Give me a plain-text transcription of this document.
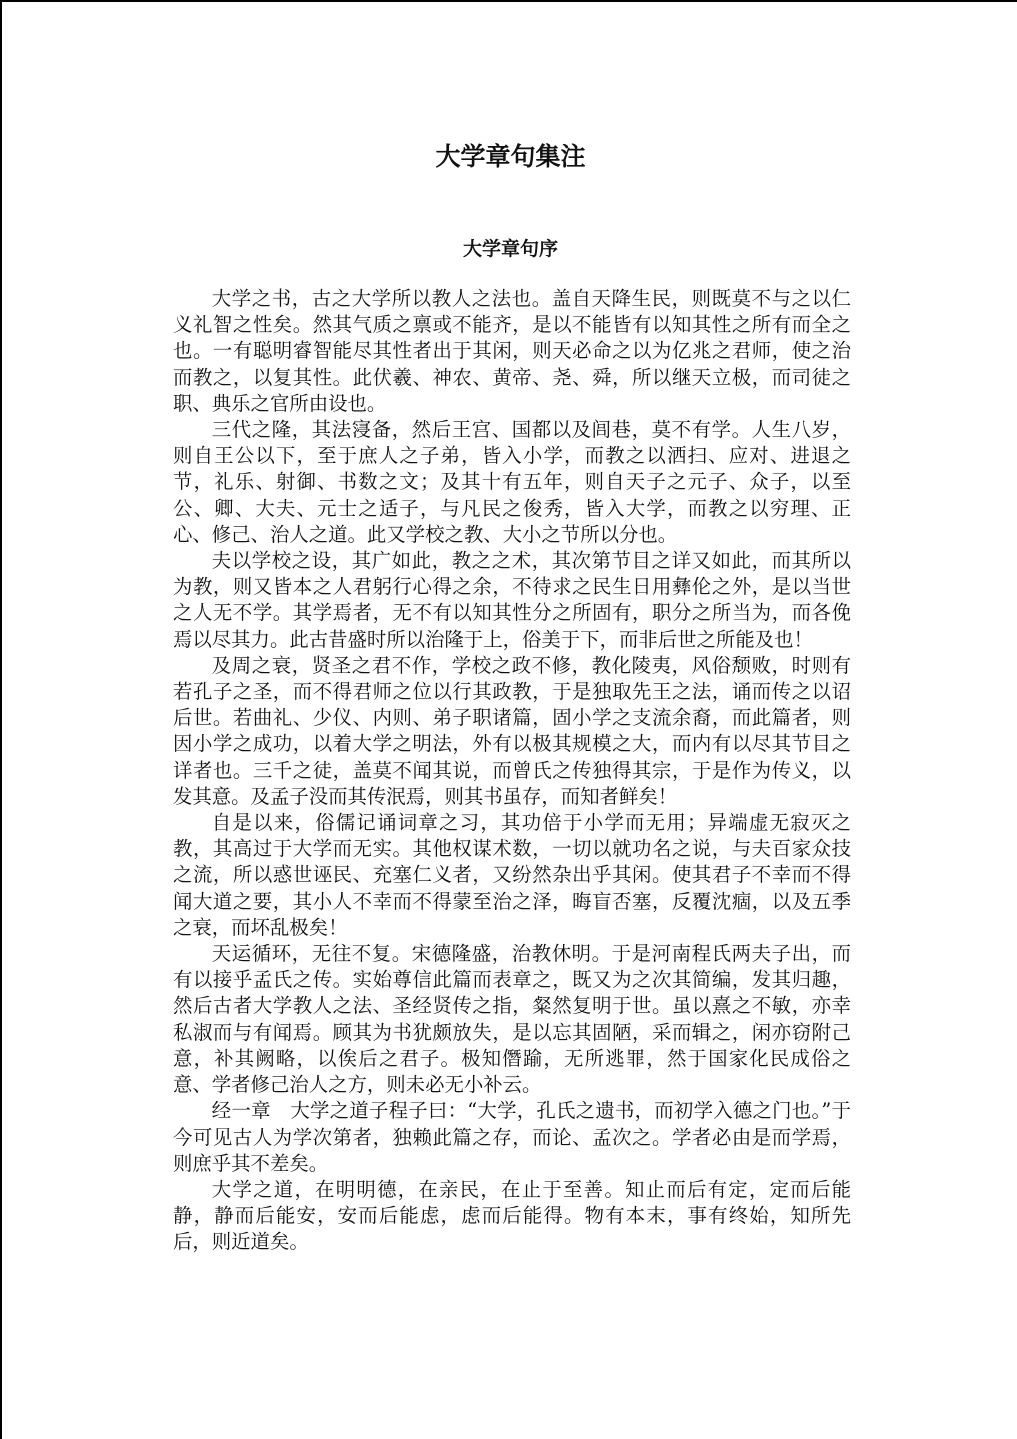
大学章句集注
大学章句序

大学之书，古之大学所以教人之法也。盖自天降生民，则既莫不与之以仁义礼智之性矣。然其气质之禀或不能齐，是以不能皆有以知其性之所有而全之也。一有聪明睿智能尽其性者出于其闲，则天必命之以为亿兆之君师，使之治而教之，以复其性。此伏羲、神农、黄帝、尧、舜，所以继天立极，而司徒之职、典乐之官所由设也。

三代之隆，其法寖备，然后王宫、国都以及闾巷，莫不有学。人生八岁，则自王公以下，至于庶人之子弟，皆入小学，而教之以洒扫、应对、进退之节，礼乐、射御、书数之文；及其十有五年，则自天子之元子、众子，以至公、卿、大夫、元士之适子，与凡民之俊秀，皆入大学，而教之以穷理、正心、修己、治人之道。此又学校之教、大小之节所以分也。

夫以学校之设，其广如此，教之之术，其次第节目之详又如此，而其所以为教，则又皆本之人君躬行心得之余，不待求之民生日用彝伦之外，是以当世之人无不学。其学焉者，无不有以知其性分之所固有，职分之所当为，而各俛焉以尽其力。此古昔盛时所以治隆于上，俗美于下，而非后世之所能及也！

及周之衰，贤圣之君不作，学校之政不修，教化陵夷，风俗颓败，时则有若孔子之圣，而不得君师之位以行其政教，于是独取先王之法，诵而传之以诏后世。若曲礼、少仪、内则、弟子职诸篇，固小学之支流余裔，而此篇者，则因小学之成功，以着大学之明法，外有以极其规模之大，而内有以尽其节目之详者也。三千之徒，盖莫不闻其说，而曾氏之传独得其宗，于是作为传义，以发其意。及孟子没而其传泯焉，则其书虽存，而知者鲜矣！

自是以来，俗儒记诵词章之习，其功倍于小学而无用；异端虚无寂灭之教，其高过于大学而无实。其他权谋术数，一切以就功名之说，与夫百家众技之流，所以惑世诬民、充塞仁义者，又纷然杂出乎其闲。使其君子不幸而不得闻大道之要，其小人不幸而不得蒙至治之泽，晦盲否塞，反覆沈痼，以及五季之衰，而坏乱极矣！

天运循环，无往不复。宋德隆盛，治教休明。于是河南程氏两夫子出，而有以接乎孟氏之传。实始尊信此篇而表章之，既又为之次其简编，发其归趣，然后古者大学教人之法、圣经贤传之指，粲然复明于世。虽以熹之不敏，亦幸私淑而与有闻焉。顾其为书犹颇放失，是以忘其固陋，采而辑之，闲亦窃附己意，补其阙略，以俟后之君子。极知僭踰，无所逃罪，然于国家化民成俗之意、学者修己治人之方，则未必无小补云。

经一章　大学之道子程子曰：“大学，孔氏之遗书，而初学入德之门也。”于今可见古人为学次第者，独赖此篇之存，而论、孟次之。学者必由是而学焉，则庶乎其不差矣。

大学之道，在明明德，在亲民，在止于至善。知止而后有定，定而后能静，静而后能安，安而后能虑，虑而后能得。物有本末，事有终始，知所先后，则近道矣。
